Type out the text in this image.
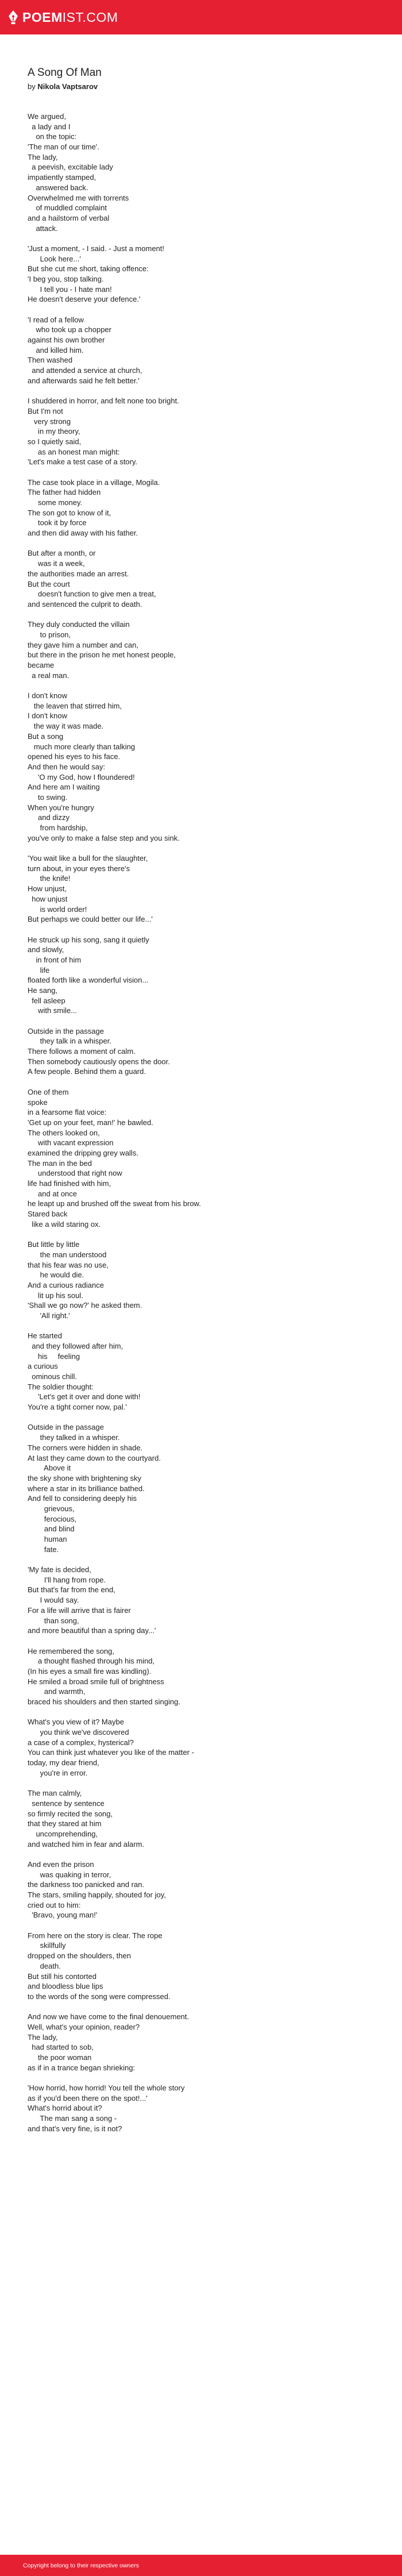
POEMIST.COM
A Song Of Man
by Nikola Vaptsarov
We argued,
a lady and I
on the topic:
'The man of our time'.
The lady,
a peevish, excitable lady
impatiently stamped,
answered back.
Overwhelmed me with torrents
of muddled complaint
and a hailstorm of verbal
attack.
'Just a moment, - I said. - Just a moment!
Look here...'
But she cut me short, taking offence:
'I beg you, stop talking.
I tell you - I hate man!
He doesn't deserve your defence.'
'I read of a fellow
who took up a chopper
against his own brother
and killed him.
Then washed
and attended a service at church,
and afterwards said he felt better.'
I shuddered in horror, and felt none too bright.
But I'm not
very strong
in my theory,
so I quietly said,
as an honest man might:
'Let's make a test case of a story.
The case took place in a village, Mogila.
The father had hidden
some money.
The son got to know of it,
took it by force
and then did away with his father.
But after a month, or
was it a week,
the authorities made an arrest.
But the court
doesn't function to give men a treat,
and sentenced the culprit to death.
They duly conducted the villain
to prison,
they gave him a number and can,
but there in the prison he met honest people,
became
a real man.
I don't know
the leaven that stirred him,
I don't know
the way it was made.
But a song
much more clearly than talking
opened his eyes to his face.
And then he would say:
'O my God, how I floundered!
And here am I waiting
to swing.
When you're hungry
and dizzy
from hardship,
you've only to make a false step and you sink.
'You wait like a bull for the slaughter,
turn about, in your eyes there's
the knife!
How unjust,
how unjust
is world order!
But perhaps we could better our life...'
He struck up his song, sang it quietly
and slowly,
in front of him
life
floated forth like a wonderful vision...
He sang,
fell asleep
with smile...
Outside in the passage
they talk in a whisper.
There follows a moment of calm.
Then somebody cautiously opens the door.
A few people. Behind them a guard.
One of them
spoke
in a fearsome flat voice:
'Get up on your feet, man!' he bawled.
The others looked on,
with vacant expression
examined the dripping grey walls.
The man in the bed
understood that right now
life had finished with him,
and at once
he leapt up and brushed off the sweat from his brow.
Stared back
like a wild staring ox.
But little by little
the man understood
that his fear was no use,
he would die.
And a curious radiance
lit up his soul.
'Shall we go now?' he asked them.
'All right.'
He started
and they followed after him,
his     feeling
a curious
ominous chill.
The soldier thought:
'Let's get it over and done with!
You're a tight corner now, pal.'
Outside in the passage
they talked in a whisper.
The corners were hidden in shade.
At last they came down to the courtyard.
Above it
the sky shone with brightening sky
where a star in its brilliance bathed.
And fell to considering deeply his
grievous,
ferocious,
and blind
human
fate.
'My fate is decided,
I'll hang from rope.
But that's far from the end,
I would say.
For a life will arrive that is fairer
than song,
and more beautiful than a spring day...'
He remembered the song,
a thought flashed through his mind,
(In his eyes a small fire was kindling).
He smiled a broad smile full of brightness
and warmth,
braced his shoulders and then started singing.
What's you view of it? Maybe
you think we've discovered
a case of a complex, hysterical?
You can think just whatever you like of the matter -
today, my dear friend,
you're in error.
The man calmly,
sentence by sentence
so firmly recited the song,
that they stared at him
uncomprehending,
and watched him in fear and alarm.
And even the prison
was quaking in terror,
the darkness too panicked and ran.
The stars, smiling happily, shouted for joy,
cried out to him:
'Bravo, young man!'
From here on the story is clear. The rope
skillfully
dropped on the shoulders, then
death.
But still his contorted
and bloodless blue lips
to the words of the song were compressed.
And now we have come to the final denouement.
Well, what's your opinion, reader?
The lady,
had started to sob,
the poor woman
as if in a trance began shrieking:
'How horrid, how horrid! You tell the whole story
as if you'd been there on the spot!...'
What's horrid about it?
The man sang a song -
and that's very fine, is it not?
Copyright belong to their respective owners
